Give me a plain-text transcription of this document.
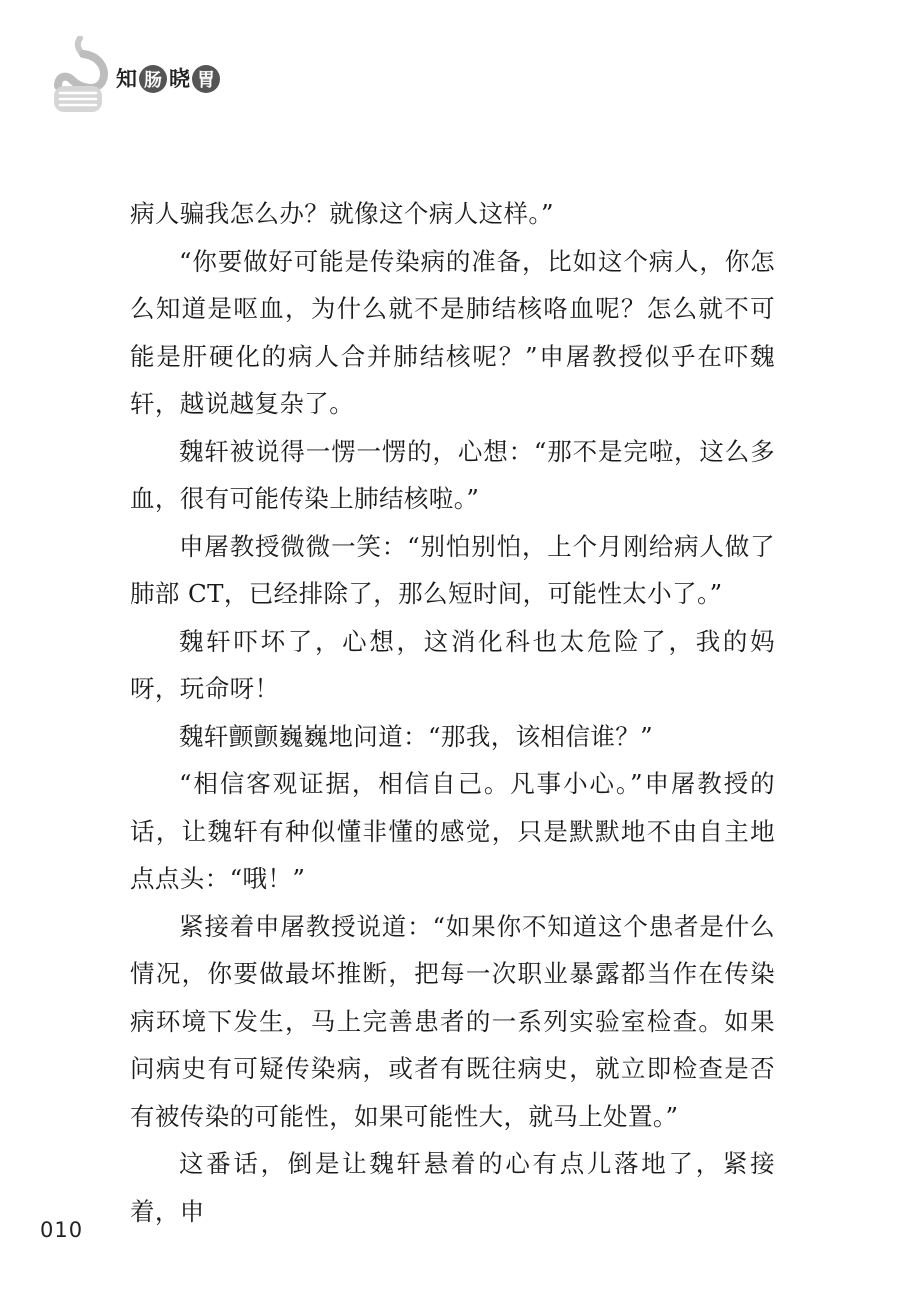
知 肠 晓 胃

病人骗我怎么办？就像这个病人这样。”

“你要做好可能是传染病的准备，比如这个病人，你怎么知道是呕血，为什么就不是肺结核咯血呢？怎么就不可能是肝硬化的病人合并肺结核呢？”申屠教授似乎在吓魏轩，越说越复杂了。

魏轩被说得一愣一愣的，心想：“那不是完啦，这么多血，很有可能传染上肺结核啦。”

申屠教授微微一笑：“别怕别怕，上个月刚给病人做了肺部 CT，已经排除了，那么短时间，可能性太小了。”

魏轩吓坏了，心想，这消化科也太危险了，我的妈呀，玩命呀！

魏轩颤颤巍巍地问道：“那我，该相信谁？”

“相信客观证据，相信自己。凡事小心。”申屠教授的话，让魏轩有种似懂非懂的感觉，只是默默地不由自主地点点头：“哦！”

紧接着申屠教授说道：“如果你不知道这个患者是什么情况，你要做最坏推断，把每一次职业暴露都当作在传染病环境下发生，马上完善患者的一系列实验室检查。如果问病史有可疑传染病，或者有既往病史，就立即检查是否有被传染的可能性，如果可能性大，就马上处置。”

这番话，倒是让魏轩悬着的心有点儿落地了，紧接着，申

010
